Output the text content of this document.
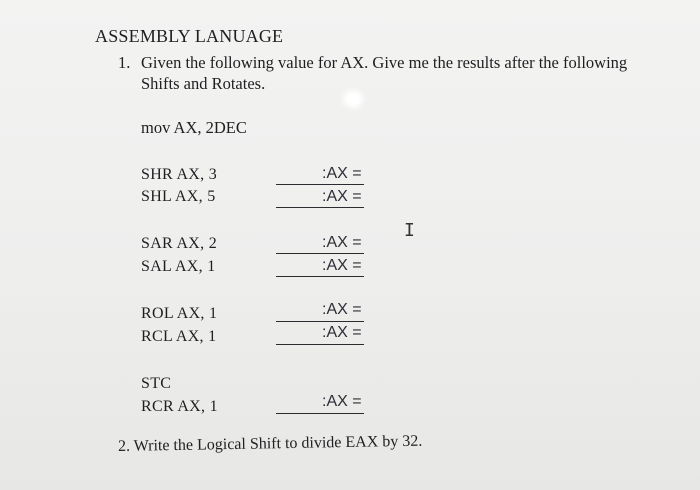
ASSEMBLY LANUAGE
1. Given the following value for AX. Give me the results after the following
Shifts and Rotates.
mov AX, 2DEC
SHR AX, 3
SHL AX, 5
:AX =
:AX =
SAR AX, 2
SAL AX, 1
:AX =
:AX =
ROL AX, 1
RCL AX, 1
:AX =
:AX =
STC
RCR AX, 1	:AX =
I
2. Write the Logical Shift to divide EAX by 32.
